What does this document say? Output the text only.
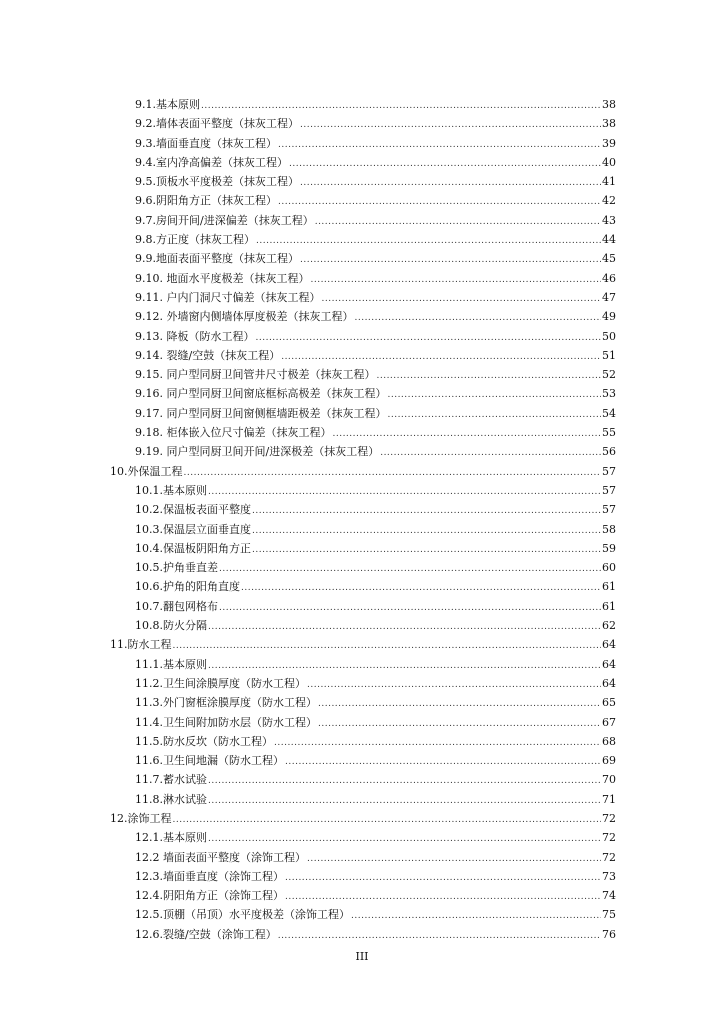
9.1.基本原则 .....	38
9.2.墙体表面平整度（抹灰工程） .....	38
9.3.墙面垂直度（抹灰工程） .....	39
9.4.室内净高偏差（抹灰工程） .....	40
9.5.顶板水平度极差（抹灰工程） .....	41
9.6.阴阳角方正（抹灰工程） .....	42
9.7.房间开间/进深偏差（抹灰工程） .....	43
9.8.方正度（抹灰工程） .....	44
9.9.地面表面平整度（抹灰工程） .....	45
9.10. 地面水平度极差（抹灰工程） .....	46
9.11. 户内门洞尺寸偏差（抹灰工程） .....	47
9.12. 外墙窗内侧墙体厚度极差（抹灰工程） .....	49
9.13. 降板（防水工程） .....	50
9.14. 裂缝/空鼓（抹灰工程） .....	51
9.15. 同户型同厨卫间管井尺寸极差（抹灰工程） .....	52
9.16. 同户型同厨卫间窗底框标高极差（抹灰工程） .....	53
9.17. 同户型同厨卫间窗侧框墙距极差（抹灰工程） .....	54
9.18. 柜体嵌入位尺寸偏差（抹灰工程） .....	55
9.19. 同户型同厨卫间开间/进深极差（抹灰工程） .....	56
10.外保温工程 .....	57
10.1.基本原则 .....	57
10.2.保温板表面平整度 .....	57
10.3.保温层立面垂直度 .....	58
10.4.保温板阴阳角方正 .....	59
10.5.护角垂直差 .....	60
10.6.护角的阳角直度 .....	61
10.7.翻包网格布 .....	61
10.8.防火分隔 .....	62
11.防水工程 .....	64
11.1.基本原则 .....	64
11.2.卫生间涂膜厚度（防水工程） .....	64
11.3.外门窗框涂膜厚度（防水工程） .....	65
11.4.卫生间附加防水层（防水工程） .....	67
11.5.防水反坎（防水工程） .....	68
11.6.卫生间地漏（防水工程） .....	69
11.7.蓄水试验 .....	70
11.8.淋水试验 .....	71
12.涂饰工程 .....	72
12.1.基本原则 .....	72
12.2 墙面表面平整度（涂饰工程） .....	72
12.3.墙面垂直度（涂饰工程） .....	73
12.4.阴阳角方正（涂饰工程） .....	74
12.5.顶棚（吊顶）水平度极差（涂饰工程） .....	75
12.6.裂缝/空鼓（涂饰工程） .....	76
III
